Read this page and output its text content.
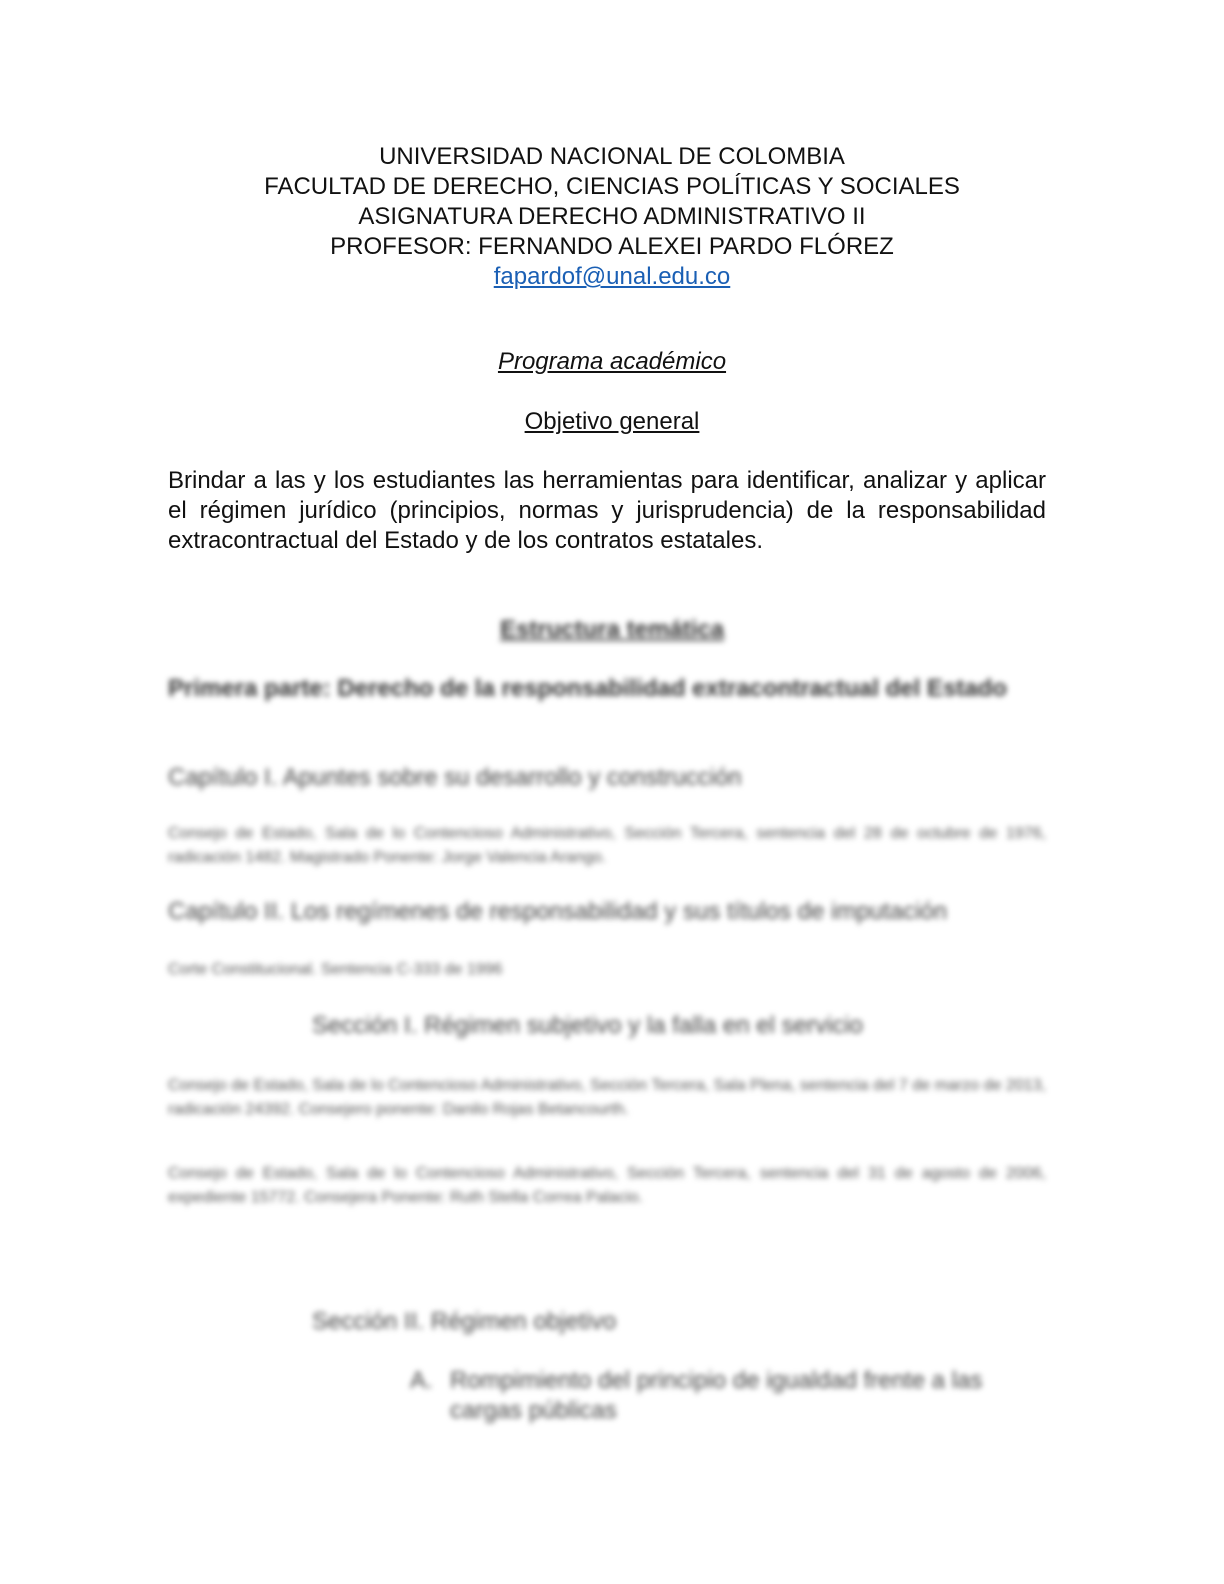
UNIVERSIDAD NACIONAL DE COLOMBIA
FACULTAD DE DERECHO, CIENCIAS POLÍTICAS Y SOCIALES
ASIGNATURA DERECHO ADMINISTRATIVO II
PROFESOR: FERNANDO ALEXEI PARDO FLÓREZ
fapardof@unal.edu.co
Programa académico
Objetivo general
Brindar a las y los estudiantes las herramientas para identificar, analizar y aplicar el régimen jurídico (principios, normas y jurisprudencia) de la responsabilidad extracontractual del Estado y de los contratos estatales.
Estructura temática
Primera parte: Derecho de la responsabilidad extracontractual del Estado
Capítulo I. Apuntes sobre su desarrollo y construcción
Consejo de Estado, Sala de lo Contencioso Administrativo, Sección Tercera, sentencia del 28 de octubre de 1976, radicación 1482. Magistrado Ponente: Jorge Valencia Arango.
Capítulo II. Los regímenes de responsabilidad y sus títulos de imputación
Corte Constitucional. Sentencia C-333 de 1996
Sección I. Régimen subjetivo y la falla en el servicio
Consejo de Estado, Sala de lo Contencioso Administrativo, Sección Tercera, Sala Plena, sentencia del 7 de marzo de 2013, radicación 24392. Consejero ponente: Danilo Rojas Betancourth.
Consejo de Estado, Sala de lo Contencioso Administrativo, Sección Tercera, sentencia del 31 de agosto de 2006, expediente 15772. Consejera Ponente: Ruth Stella Correa Palacio.
Sección II. Régimen objetivo
A. Rompimiento del principio de igualdad frente a las
cargas públicas
